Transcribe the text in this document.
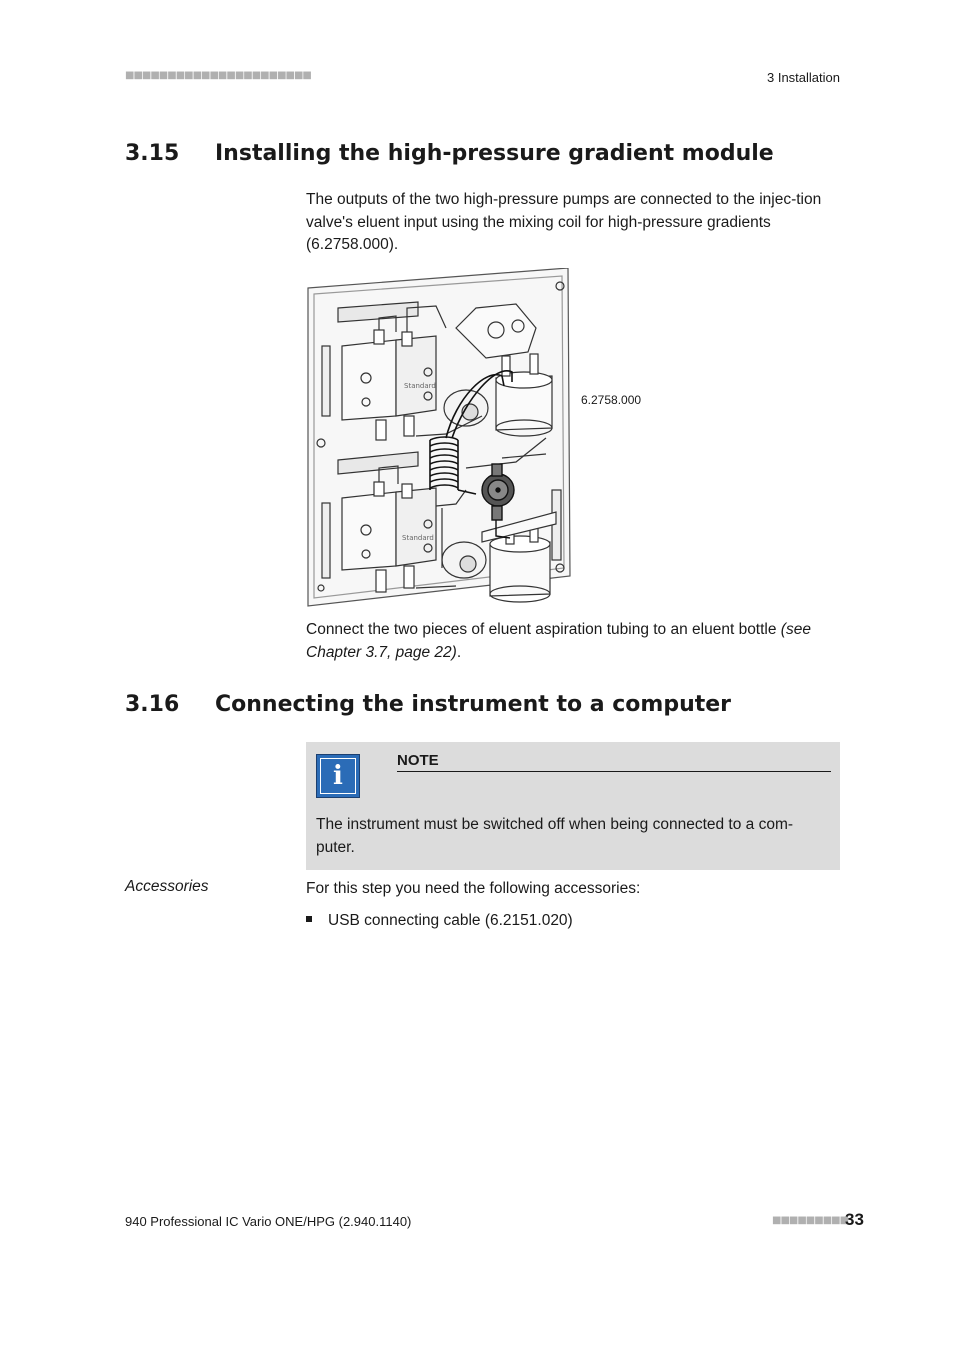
■■■■■■■■■■■■■■■■■■■■■■	3 Installation
3.15 Installing the high-pressure gradient module
The outputs of the two high-pressure pumps are connected to the injec-tion valve's eluent input using the mixing coil for high-pressure gradients (6.2758.000).
Standard
Standard
6.2758.000
Connect the two pieces of eluent aspiration tubing to an eluent bottle (see Chapter 3.7, page 22).
3.16 Connecting the instrument to a computer
i
NOTE
The instrument must be switched off when being connected to a com-puter.
Accessories	For this step you need the following accessories:
USB connecting cable (6.2151.020)
940 Professional IC Vario ONE/HPG (2.940.1140)	■■■■■■■■■
33
